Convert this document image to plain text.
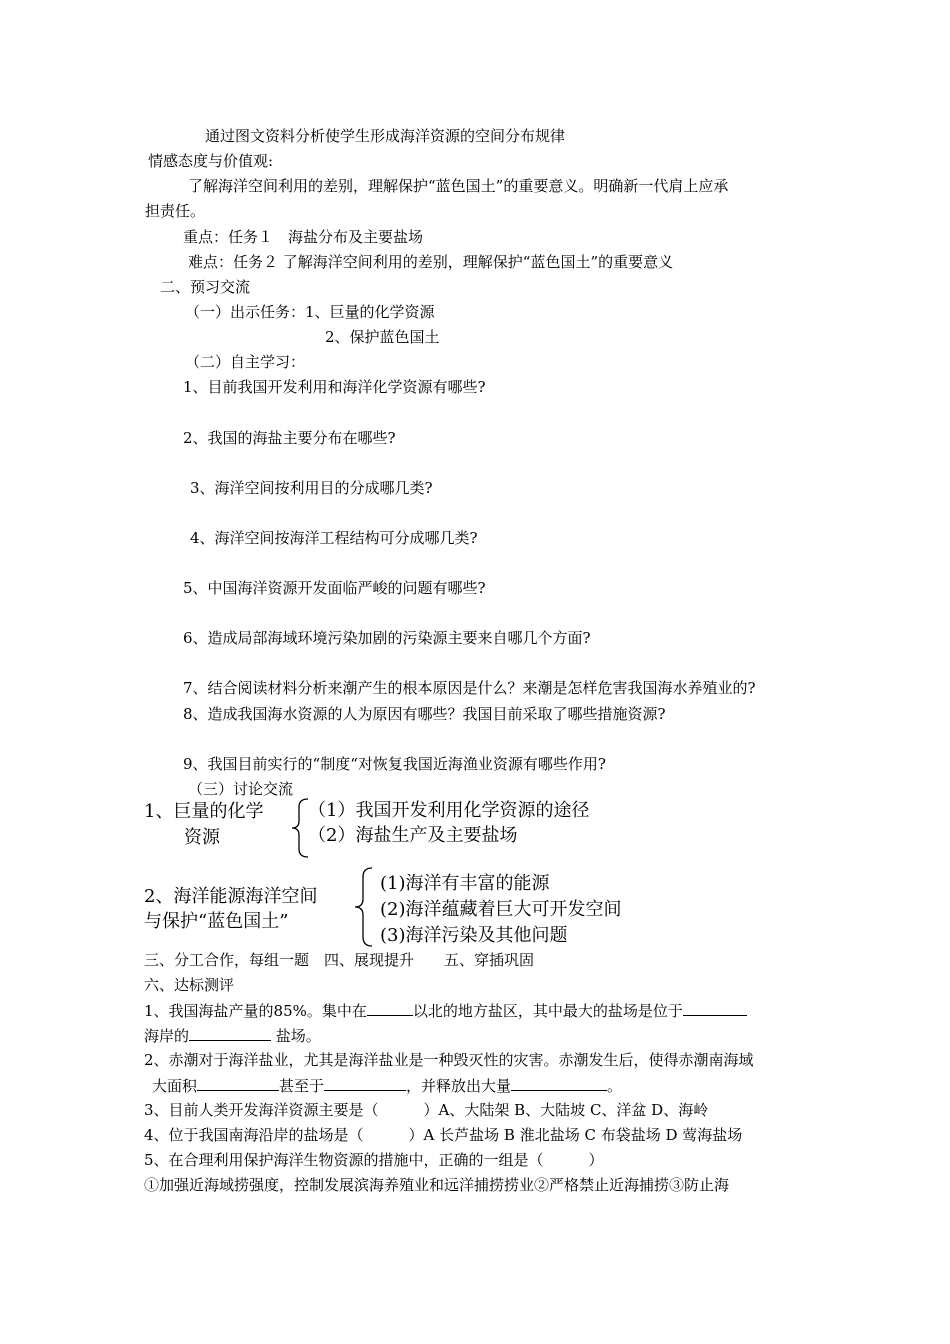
通过图文资料分析使学生形成海洋资源的空间分布规律
情感态度与价值观:
了解海洋空间利用的差别，理解保护“蓝色国土”的重要意义。明确新一代肩上应承
担责任。
重点：任务１　海盐分布及主要盐场
难点：任务２ 了解海洋空间利用的差别，理解保护“蓝色国土”的重要意义
二、预习交流
（一）出示任务：1、巨量的化学资源
2、保护蓝色国土
（二）自主学习：
1、目前我国开发利用和海洋化学资源有哪些?
2、我国的海盐主要分布在哪些?
3、海洋空间按利用目的分成哪几类?
4、海洋空间按海洋工程结构可分成哪几类?
5、中国海洋资源开发面临严峻的问题有哪些?
6、造成局部海域环境污染加剧的污染源主要来自哪几个方面?
7、结合阅读材料分析来潮产生的根本原因是什么？来潮是怎样危害我国海水养殖业的?
8、造成我国海水资源的人为原因有哪些？我国目前采取了哪些措施资源?
9、我国目前实行的“制度“对恢复我国近海渔业资源有哪些作用?
（三）讨论交流
1、巨量的化学
资源
（1）我国开发利用化学资源的途径
（2）海盐生产及主要盐场
2、海洋能源海洋空间
与保护“蓝色国土”
(1)海洋有丰富的能源
(2)海洋蕴藏着巨大可开发空间
(3)海洋污染及其他问题
三、分工合作，每组一题　四、展现提升　　五、穿插巩固
六、达标测评
1、我国海盐产量的85%。集中在	以北的地方盐区，其中最大的盐场是位于
海岸的	盐场。
2、赤潮对于海洋盐业，尤其是海洋盐业是一种毁灭性的灾害。赤潮发生后，使得赤潮南海域
大面积	甚至于	，并释放出大量	。
3、目前人类开发海洋资源主要是（　　　）A、大陆架 B、大陆坡 C、洋盆 D、海岭
4、位于我国南海沿岸的盐场是（　　　）A 长芦盐场 B 淮北盐场 C 布袋盐场 D 莺海盐场
5、在合理利用保护海洋生物资源的措施中，正确的一组是（　　　）
①加强近海域捞强度，控制发展滨海养殖业和远洋捕捞捞业②严格禁止近海捕捞③防止海
